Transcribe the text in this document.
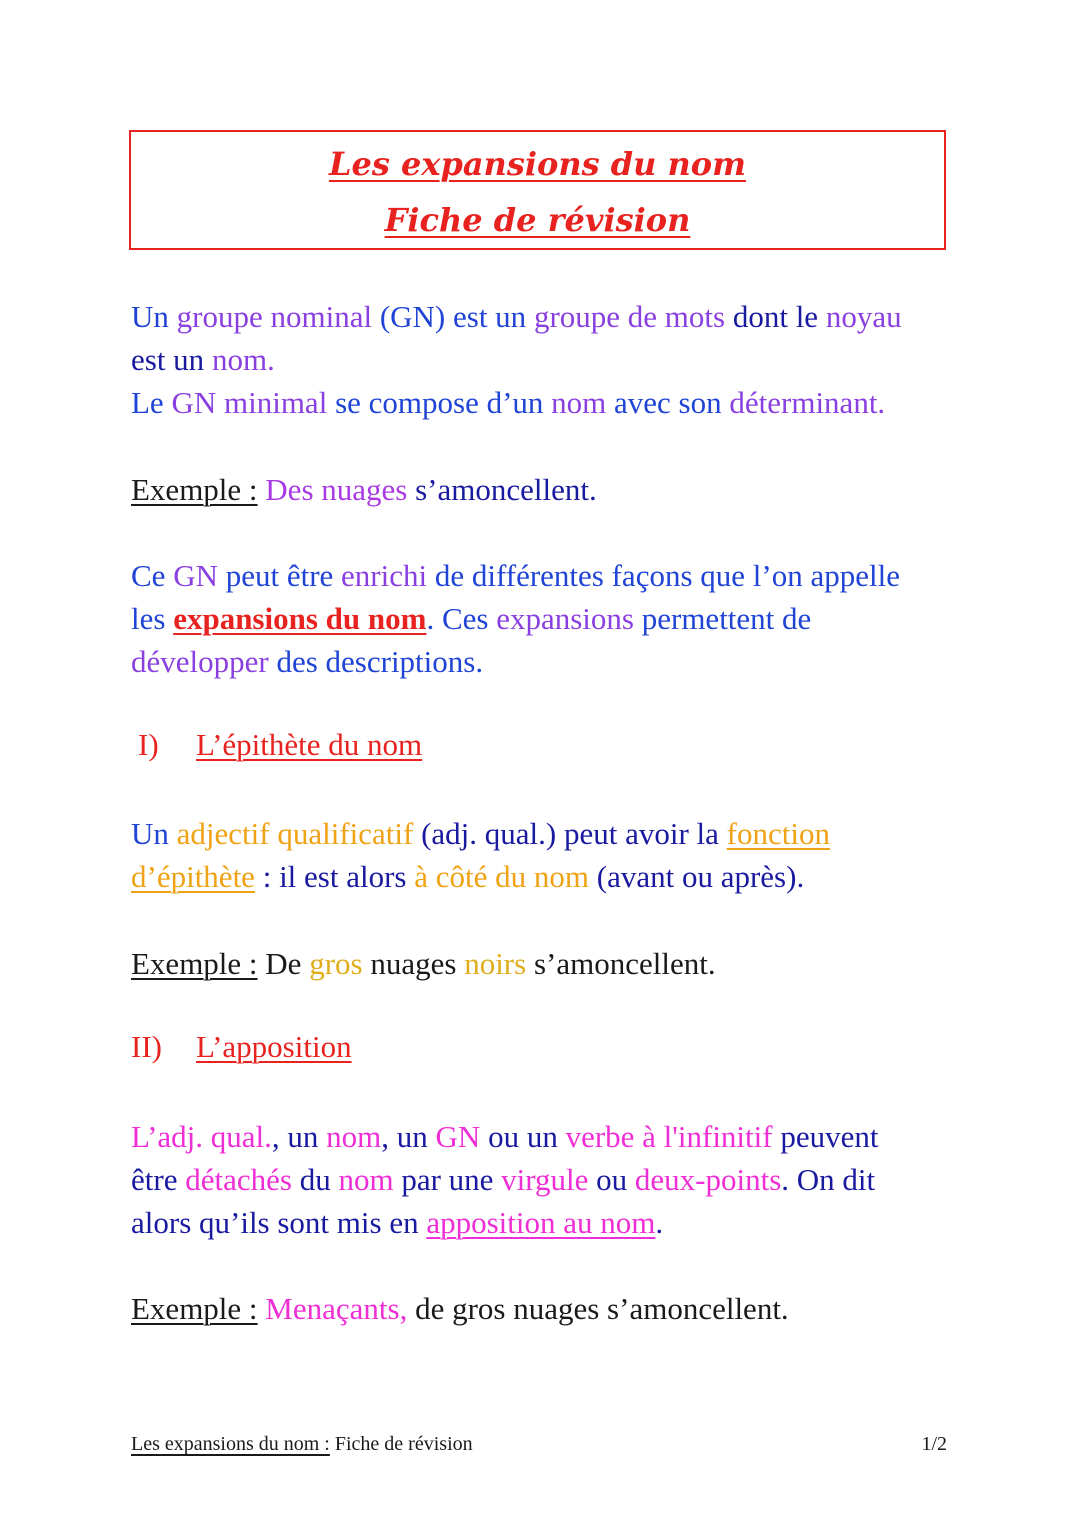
Les expansions du nom
Fiche de révision

Un groupe nominal (GN) est un groupe de mots dont le noyau
est un nom.
Le GN minimal se compose d’un nom avec son déterminant.

Exemple : Des nuages s’amoncellent.

Ce GN peut être enrichi de différentes façons que l’on appelle
les expansions du nom. Ces expansions permettent de
développer des descriptions.

I) L’épithète du nom

Un adjectif qualificatif (adj. qual.) peut avoir la fonction
d’épithète : il est alors à côté du nom (avant ou après).

Exemple : De gros nuages noirs s’amoncellent.

II) L’apposition

L’adj. qual., un nom, un GN ou un verbe à l'infinitif peuvent
être détachés du nom par une virgule ou deux-points. On dit
alors qu’ils sont mis en apposition au nom.

Exemple : Menaçants, de gros nuages s’amoncellent.

Les expansions du nom : Fiche de révision	1/2
